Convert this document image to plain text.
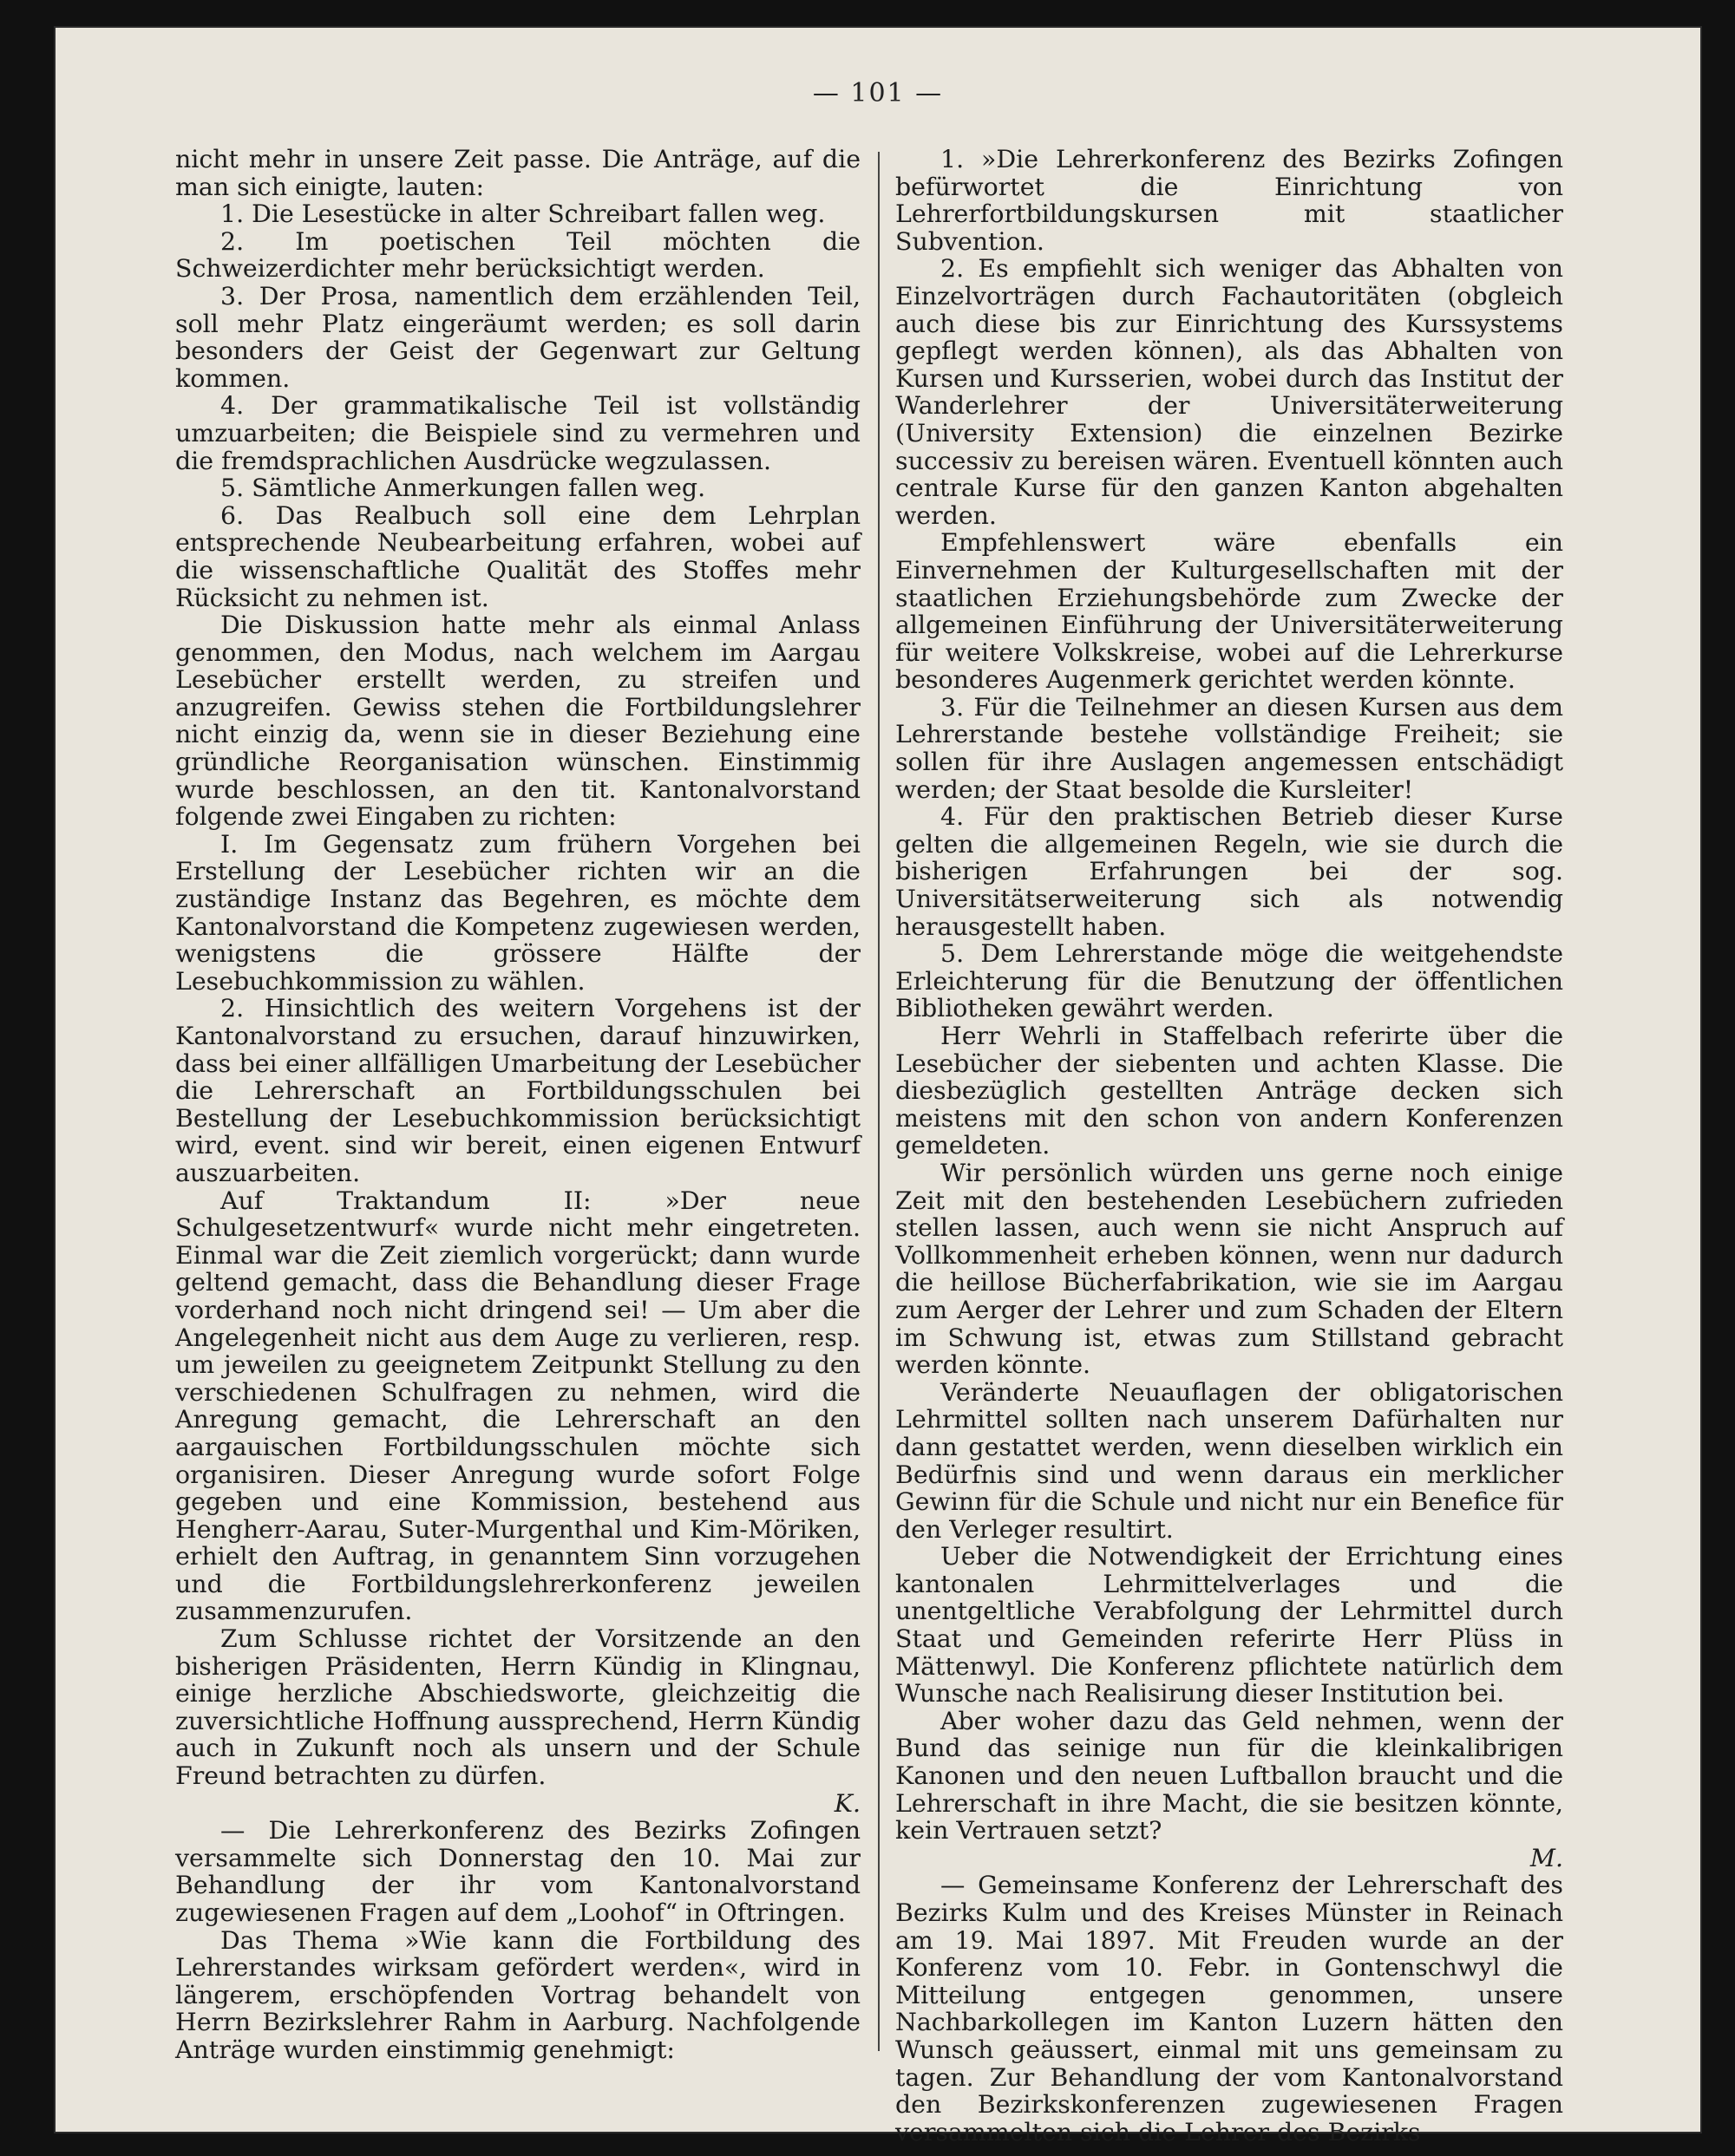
— 101 —

nicht mehr in unsere Zeit passe. Die Anträge, auf die man sich einigte, lauten:

1. Die Lesestücke in alter Schreibart fallen weg.

2. Im poetischen Teil möchten die Schweizerdichter mehr berücksichtigt werden.

3. Der Prosa, namentlich dem erzählenden Teil, soll mehr Platz eingeräumt werden; es soll darin besonders der Geist der Gegenwart zur Geltung kommen.

4. Der grammatikalische Teil ist vollständig umzuarbeiten; die Beispiele sind zu vermehren und die fremdsprachlichen Ausdrücke wegzulassen.

5. Sämtliche Anmerkungen fallen weg.

6. Das Realbuch soll eine dem Lehrplan entsprechende Neubearbeitung erfahren, wobei auf die wissenschaftliche Qualität des Stoffes mehr Rücksicht zu nehmen ist.

Die Diskussion hatte mehr als einmal Anlass genommen, den Modus, nach welchem im Aargau Lesebücher erstellt werden, zu streifen und anzugreifen. Gewiss stehen die Fortbildungslehrer nicht einzig da, wenn sie in dieser Beziehung eine gründliche Reorganisation wünschen. Einstimmig wurde beschlossen, an den tit. Kantonalvorstand folgende zwei Eingaben zu richten:

I. Im Gegensatz zum frühern Vorgehen bei Erstellung der Lesebücher richten wir an die zuständige Instanz das Begehren, es möchte dem Kantonalvorstand die Kompetenz zugewiesen werden, wenigstens die grössere Hälfte der Lesebuchkommission zu wählen.

2. Hinsichtlich des weitern Vorgehens ist der Kantonalvorstand zu ersuchen, darauf hinzuwirken, dass bei einer allfälligen Umarbeitung der Lesebücher die Lehrerschaft an Fortbildungsschulen bei Bestellung der Lesebuchkommission berücksichtigt wird, event. sind wir bereit, einen eigenen Entwurf auszuarbeiten.

Auf Traktandum II: »Der neue Schulgesetzentwurf« wurde nicht mehr eingetreten. Einmal war die Zeit ziemlich vorgerückt; dann wurde geltend gemacht, dass die Behandlung dieser Frage vorderhand noch nicht dringend sei! — Um aber die Angelegenheit nicht aus dem Auge zu verlieren, resp. um jeweilen zu geeignetem Zeitpunkt Stellung zu den verschiedenen Schulfragen zu nehmen, wird die Anregung gemacht, die Lehrerschaft an den aargauischen Fortbildungsschulen möchte sich organisiren. Dieser Anregung wurde sofort Folge gegeben und eine Kommission, bestehend aus Hengherr-Aarau, Suter-Murgenthal und Kim-Möriken, erhielt den Auftrag, in genanntem Sinn vorzugehen und die Fortbildungslehrerkonferenz jeweilen zusammenzurufen.

Zum Schlusse richtet der Vorsitzende an den bisherigen Präsidenten, Herrn Kündig in Klingnau, einige herzliche Abschiedsworte, gleichzeitig die zuversichtliche Hoffnung aussprechend, Herrn Kündig auch in Zukunft noch als unsern und der Schule Freund betrachten zu dürfen.

K.

— Die Lehrerkonferenz des Bezirks Zofingen versammelte sich Donnerstag den 10. Mai zur Behandlung der ihr vom Kantonalvorstand zugewiesenen Fragen auf dem „Loohof“ in Oftringen.

Das Thema »Wie kann die Fortbildung des Lehrerstandes wirksam gefördert werden«, wird in längerem, erschöpfenden Vortrag behandelt von Herrn Bezirkslehrer Rahm in Aarburg. Nachfolgende Anträge wurden einstimmig genehmigt:

1. »Die Lehrerkonferenz des Bezirks Zofingen befürwortet die Einrichtung von Lehrerfortbildungskursen mit staatlicher Subvention.

2. Es empfiehlt sich weniger das Abhalten von Einzelvorträgen durch Fachautoritäten (obgleich auch diese bis zur Einrichtung des Kurssystems gepflegt werden können), als das Abhalten von Kursen und Kursserien, wobei durch das Institut der Wanderlehrer der Universitäterweiterung (University Extension) die einzelnen Bezirke successiv zu bereisen wären. Eventuell könnten auch centrale Kurse für den ganzen Kanton abgehalten werden.

Empfehlenswert wäre ebenfalls ein Einvernehmen der Kulturgesellschaften mit der staatlichen Erziehungsbehörde zum Zwecke der allgemeinen Einführung der Universitäterweiterung für weitere Volkskreise, wobei auf die Lehrerkurse besonderes Augenmerk gerichtet werden könnte.

3. Für die Teilnehmer an diesen Kursen aus dem Lehrerstande bestehe vollständige Freiheit; sie sollen für ihre Auslagen angemessen entschädigt werden; der Staat besolde die Kursleiter!

4. Für den praktischen Betrieb dieser Kurse gelten die allgemeinen Regeln, wie sie durch die bisherigen Erfahrungen bei der sog. Universitätserweiterung sich als notwendig herausgestellt haben.

5. Dem Lehrerstande möge die weitgehendste Erleichterung für die Benutzung der öffentlichen Bibliotheken gewährt werden.

Herr Wehrli in Staffelbach referirte über die Lesebücher der siebenten und achten Klasse. Die diesbezüglich gestellten Anträge decken sich meistens mit den schon von andern Konferenzen gemeldeten.

Wir persönlich würden uns gerne noch einige Zeit mit den bestehenden Lesebüchern zufrieden stellen lassen, auch wenn sie nicht Anspruch auf Vollkommenheit erheben können, wenn nur dadurch die heillose Bücherfabrikation, wie sie im Aargau zum Aerger der Lehrer und zum Schaden der Eltern im Schwung ist, etwas zum Stillstand gebracht werden könnte.

Veränderte Neuauflagen der obligatorischen Lehrmittel sollten nach unserem Dafürhalten nur dann gestattet werden, wenn dieselben wirklich ein Bedürfnis sind und wenn daraus ein merklicher Gewinn für die Schule und nicht nur ein Benefice für den Verleger resultirt.

Ueber die Notwendigkeit der Errichtung eines kantonalen Lehrmittelverlages und die unentgeltliche Verabfolgung der Lehrmittel durch Staat und Gemeinden referirte Herr Plüss in Mättenwyl. Die Konferenz pflichtete natürlich dem Wunsche nach Realisirung dieser Institution bei.

Aber woher dazu das Geld nehmen, wenn der Bund das seinige nun für die kleinkalibrigen Kanonen und den neuen Luftballon braucht und die Lehrerschaft in ihre Macht, die sie besitzen könnte, kein Vertrauen setzt?

M.

— Gemeinsame Konferenz der Lehrerschaft des Bezirks Kulm und des Kreises Münster in Reinach am 19. Mai 1897. Mit Freuden wurde an der Konferenz vom 10. Febr. in Gontenschwyl die Mitteilung entgegen genommen, unsere Nachbarkollegen im Kanton Luzern hätten den Wunsch geäussert, einmal mit uns gemeinsam zu tagen. Zur Behandlung der vom Kantonalvorstand den Bezirkskonferenzen zugewiesenen Fragen versammelten sich die Lehrer des Bezirks
